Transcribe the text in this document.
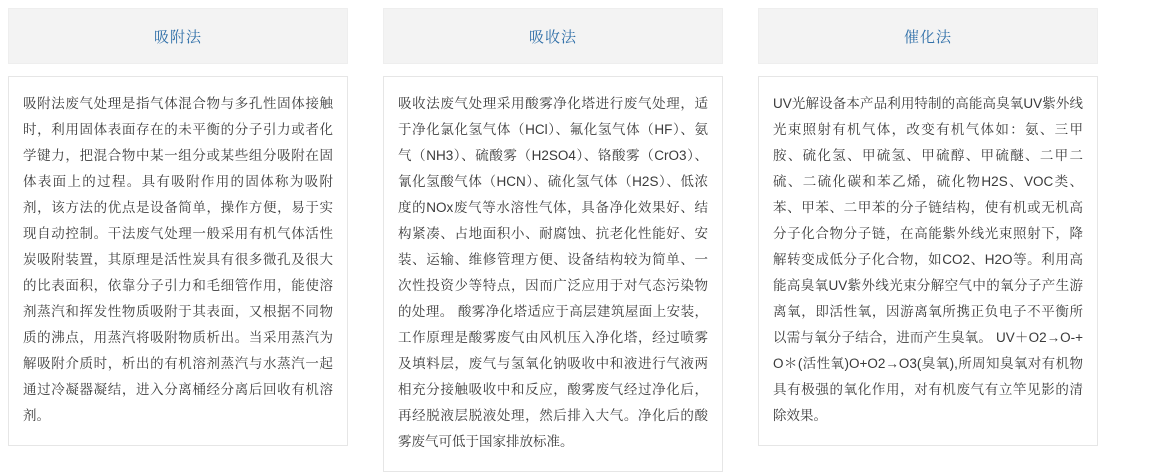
吸附法

吸附法废气处理是指气体混合物与多孔性固体接触时，利用固体表面存在的未平衡的分子引力或者化学键力，把混合物中某一组分或某些组分吸附在固体表面上的过程。具有吸附作用的固体称为吸附剂，该方法的优点是设备简单，操作方便，易于实现自动控制。干法废气处理一般采用有机气体活性炭吸附装置，其原理是活性炭具有很多微孔及很大的比表面积，依靠分子引力和毛细管作用，能使溶剂蒸汽和挥发性物质吸附于其表面，又根据不同物质的沸点，用蒸汽将吸附物质析出。当采用蒸汽为解吸附介质时，析出的有机溶剂蒸汽与水蒸汽一起通过冷凝器凝结，进入分离桶经分离后回收有机溶剂。

吸收法

吸收法废气处理采用酸雾净化塔进行废气处理，适于净化氯化氢气体（HCl）、氟化氢气体（HF）、氨气（NH3）、硫酸雾（H2SO4）、铬酸雾（CrO3）、氰化氢酸气体（HCN）、硫化氢气体（H2S）、低浓度的NOx废气等水溶性气体，具备净化效果好、结构紧凑、占地面积小、耐腐蚀、抗老化性能好、安装、运输、维修管理方便、设备结构较为简单、一次性投资少等特点，因而广泛应用于对气态污染物的处理。 酸雾净化塔适应于高层建筑屋面上安装，工作原理是酸雾废气由风机压入净化塔，经过喷雾及填料层，废气与氢氧化钠吸收中和液进行气液两相充分接触吸收中和反应，酸雾废气经过净化后，再经脱液层脱液处理，然后排入大气。净化后的酸雾废气可低于国家排放标准。

催化法

UV光解设备本产品利用特制的高能高臭氧UV紫外线光束照射有机气体，改变有机气体如：氨、三甲胺、硫化氢、甲硫氢、甲硫醇、甲硫醚、二甲二硫、二硫化碳和苯乙烯，硫化物H2S、VOC类、苯、甲苯、二甲苯的分子链结构，使有机或无机高分子化合物分子链，在高能紫外线光束照射下，降解转变成低分子化合物，如CO2、H2O等。利用高能高臭氧UV紫外线光束分解空气中的氧分子产生游离氧，即活性氧，因游离氧所携正负电子不平衡所以需与氧分子结合，进而产生臭氧。 UV＋O2→O-+O＊(活性氧)O+O2→O3(臭氧),所周知臭氧对有机物具有极强的氧化作用，对有机废气有立竿见影的清除效果。
